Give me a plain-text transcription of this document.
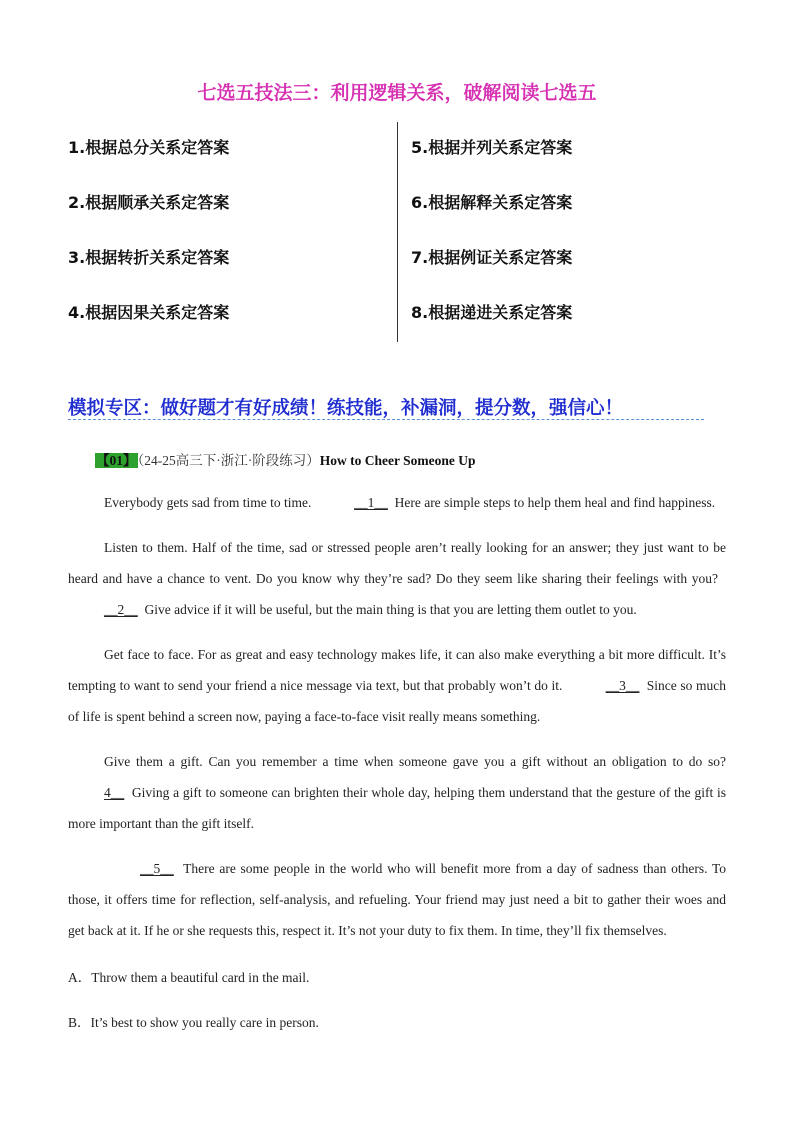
七选五技法三：利用逻辑关系，破解阅读七选五
1.根据总分关系定答案
2.根据顺承关系定答案
3.根据转折关系定答案
4.根据因果关系定答案
5.根据并列关系定答案
6.根据解释关系定答案
7.根据例证关系定答案
8.根据递进关系定答案
模拟专区：做好题才有好成绩！练技能，补漏洞，提分数，强信心！
【01】（24-25高三下·浙江·阶段练习）How to Cheer Someone Up

Everybody gets sad from time to time.	__1__ Here are simple steps to help them heal and find happiness.

Listen to them. Half of the time, sad or stressed people aren’t really looking for an answer; they just want to be heard and have a chance to vent. Do you know why they’re sad? Do they seem like sharing their feelings with you?  __2__ Give advice if it will be useful, but the main thing is that you are letting them outlet to you.

Get face to face. For as great and easy technology makes life, it can also make everything a bit more difficult. It’s tempting to want to send your friend a nice message via text, but that probably won’t do it.	__3__ Since so much of life is spent behind a screen now, paying a face-to-face visit really means something.

Give them a gift. Can you remember a time when someone gave you a gift without an obligation to do so? 4__ Giving a gift to someone can brighten their whole day, helping them understand that the gesture of the gift is more important than the gift itself.

__5__ There are some people in the world who will benefit more from a day of sadness than others. To those, it offers time for reflection, self-analysis, and refueling. Your friend may just need a bit to gather their woes and get back at it. If he or she requests this, respect it. It’s not your duty to fix them. In time, they’ll fix themselves.

A．Throw them a beautiful card in the mail.
B．It’s best to show you really care in person.
